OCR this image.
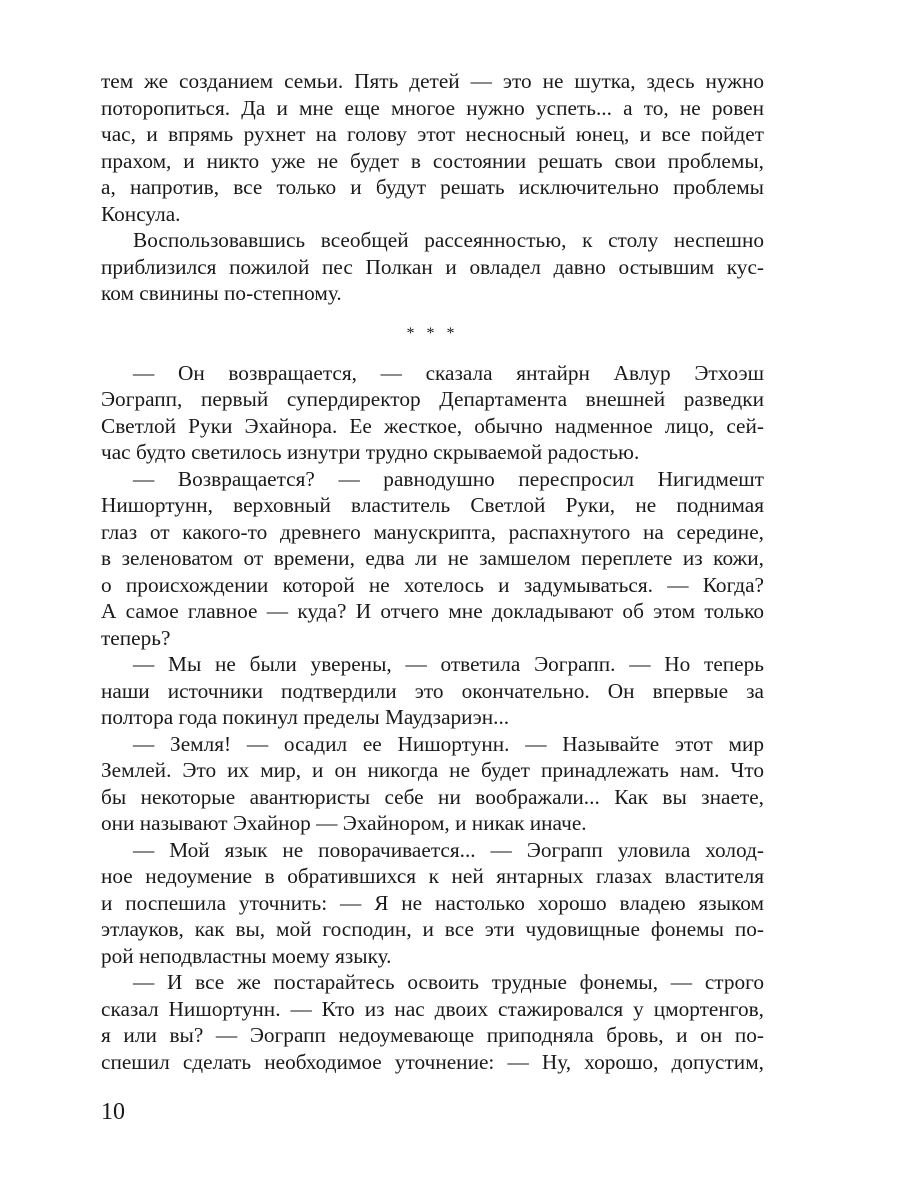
тем же созданием семьи. Пять детей — это не шутка, здесь нужно
поторопиться. Да и мне еще многое нужно успеть... а то, не ровен
час, и впрямь рухнет на голову этот несносный юнец, и все пойдет
прахом, и никто уже не будет в состоянии решать свои проблемы,
а, напротив, все только и будут решать исключительно проблемы
Консула.
Воспользовавшись всеобщей рассеянностью, к столу неспешно
приблизился пожилой пес Полкан и овладел давно остывшим кус-
ком свинины по-степному.
* * *
— Он возвращается, — сказала янтайрн Авлур Этхоэш
Эограпп, первый супердиректор Департамента внешней разведки
Светлой Руки Эхайнора. Ее жесткое, обычно надменное лицо, сей-
час будто светилось изнутри трудно скрываемой радостью.
— Возвращается? — равнодушно переспросил Нигидмешт
Нишортунн, верховный властитель Светлой Руки, не поднимая
глаз от какого-то древнего манускрипта, распахнутого на середине,
в зеленоватом от времени, едва ли не замшелом переплете из кожи,
о происхождении которой не хотелось и задумываться. — Когда?
А самое главное — куда? И отчего мне докладывают об этом только
теперь?
— Мы не были уверены, — ответила Эограпп. — Но теперь
наши источники подтвердили это окончательно. Он впервые за
полтора года покинул пределы Маудзариэн...
— Земля! — осадил ее Нишортунн. — Называйте этот мир
Землей. Это их мир, и он никогда не будет принадлежать нам. Что
бы некоторые авантюристы себе ни воображали... Как вы знаете,
они называют Эхайнор — Эхайнором, и никак иначе.
— Мой язык не поворачивается... — Эограпп уловила холод-
ное недоумение в обратившихся к ней янтарных глазах властителя
и поспешила уточнить: — Я не настолько хорошо владею языком
этлауков, как вы, мой господин, и все эти чудовищные фонемы по-
рой неподвластны моему языку.
— И все же постарайтесь освоить трудные фонемы, — строго
сказал Нишортунн. — Кто из нас двоих стажировался у цмортенгов,
я или вы? — Эограпп недоумевающе приподняла бровь, и он по-
спешил сделать необходимое уточнение: — Ну, хорошо, допустим,
10
